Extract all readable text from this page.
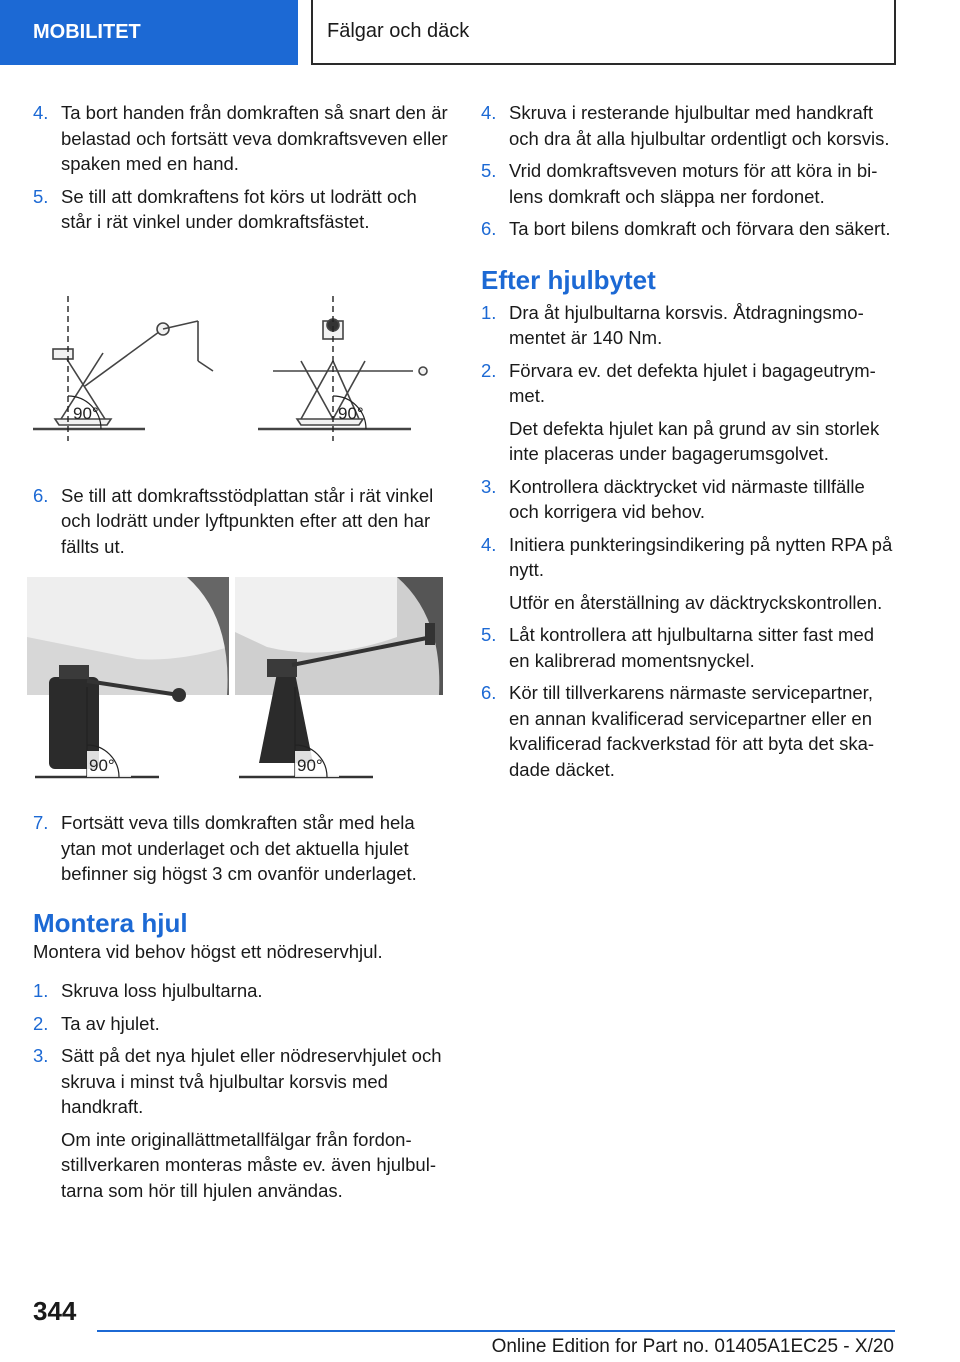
MOBILITET	Fälgar och däck
4. Ta bort handen från domkraften så snart den är belastad och fortsätt veva domkraftsveven eller spaken med en hand.
5. Se till att domkraftens fot körs ut lodrätt och står i rät vinkel under domkraftsfästet.
90°	90°
6. Se till att domkraftsstödplattan står i rät vinkel och lodrätt under lyftpunkten efter att den har fällts ut.
90°	90°
7. Fortsätt veva tills domkraften står med hela ytan mot underlaget och det aktuella hjulet befinner sig högst 3 cm ovanför underlaget.
Montera hjul
Montera vid behov högst ett nödreservhjul.
1. Skruva loss hjulbultarna.
2. Ta av hjulet.
3. Sätt på det nya hjulet eller nödreservhjulet och skruva i minst två hjulbultar korsvis med handkraft.
Om inte originallättmetallfälgar från fordonstillverkaren monteras måste ev. även hjulbultarna som hör till hjulen användas.
4. Skruva i resterande hjulbultar med handkraft och dra åt alla hjulbultar ordentligt och korsvis.
5. Vrid domkraftsveven moturs för att köra in bilens domkraft och släppa ner fordonet.
6. Ta bort bilens domkraft och förvara den säkert.
Efter hjulbytet
1. Dra åt hjulbultarna korsvis. Åtdragningsmomentet är 140 Nm.
2. Förvara ev. det defekta hjulet i bagageutrymmet.
Det defekta hjulet kan på grund av sin storlek inte placeras under bagagerumsgolvet.
3. Kontrollera däcktrycket vid närmaste tillfälle och korrigera vid behov.
4. Initiera punkteringsindikering på nytten RPA på nytt.
Utför en återställning av däcktryckskontrollen.
5. Låt kontrollera att hjulbultarna sitter fast med en kalibrerad momentsnyckel.
6. Kör till tillverkarens närmaste servicepartner, en annan kvalificerad servicepartner eller en kvalificerad fackverkstad för att byta det skadade däcket.
344
Online Edition for Part no. 01405A1EC25 - X/20
